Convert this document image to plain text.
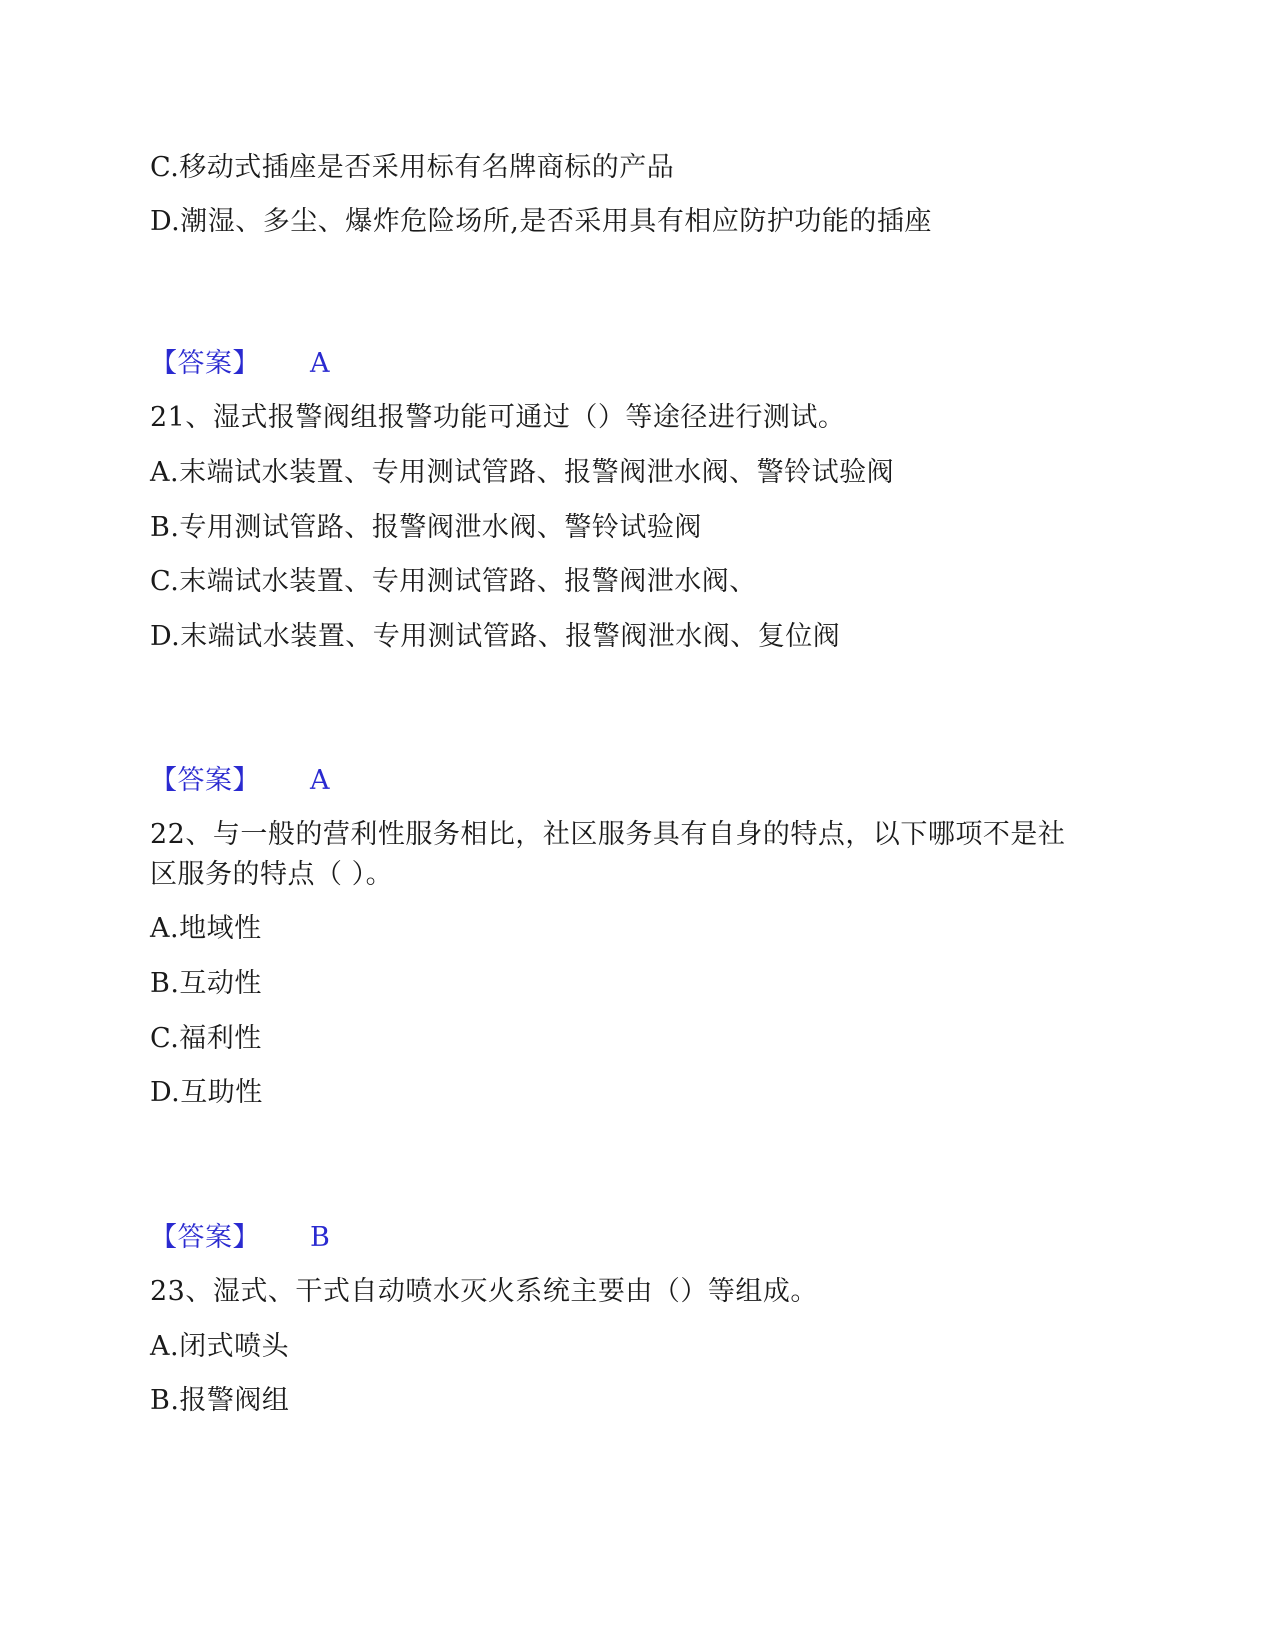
C.移动式插座是否采用标有名牌商标的产品
D.潮湿、多尘、爆炸危险场所,是否采用具有相应防护功能的插座
【答案】 A
21、湿式报警阀组报警功能可通过（）等途径进行测试。
A.末端试水装置、专用测试管路、报警阀泄水阀、警铃试验阀
B.专用测试管路、报警阀泄水阀、警铃试验阀
C.末端试水装置、专用测试管路、报警阀泄水阀、
D.末端试水装置、专用测试管路、报警阀泄水阀、复位阀
【答案】 A
22、与一般的营利性服务相比，社区服务具有自身的特点，以下哪项不是社
区服务的特点（ ）。
A.地域性
B.互动性
C.福利性
D.互助性
【答案】 B
23、湿式、干式自动喷水灭火系统主要由（）等组成。
A.闭式喷头
B.报警阀组
